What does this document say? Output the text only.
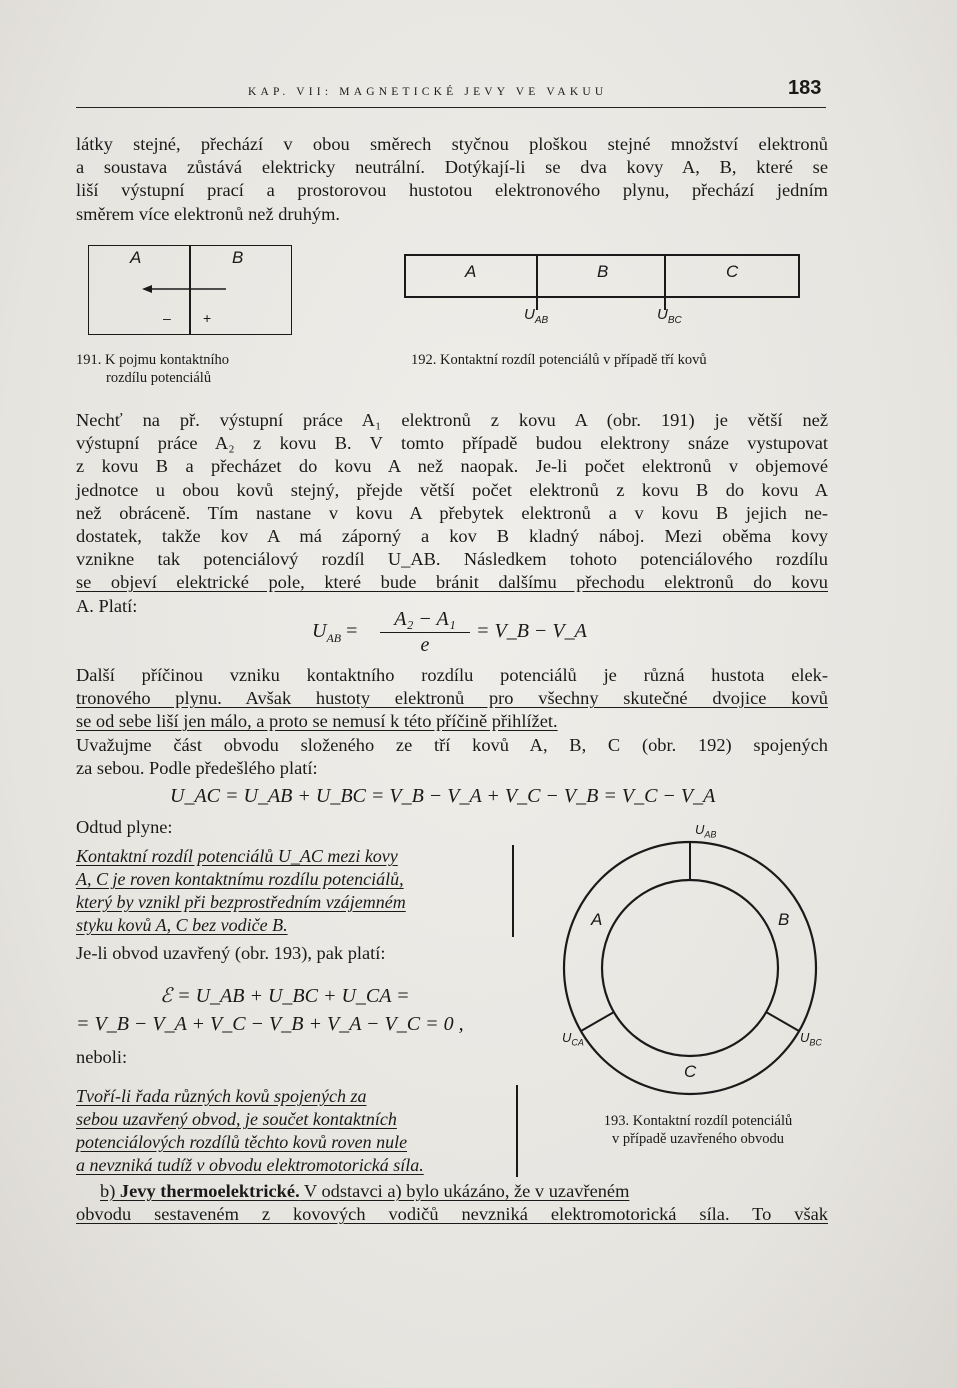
KAP. VII: MAGNETICKÉ JEVY VE VAKUU	183
látky stejné, přechází v obou směrech styčnou ploškou stejné množství elektronů
a soustava zůstává elektricky neutrální. Dotýkají-li se dva kovy A, B, které se
liší výstupní prací a prostorovou hustotou elektronového plynu, přechází jedním
směrem více elektronů než druhým.
A	B
– +
191. K pojmu kontaktního
rozdílu potenciálů
A	B	C
$U_{AB}$	$U_{BC}$
192. Kontaktní rozdíl potenciálů v případě tří kovů
Nechť na př. výstupní práce A₁ elektronů z kovu A (obr. 191) je větší než
výstupní práce A₂ z kovu B. V tomto případě budou elektrony snáze vystupovat
z kovu B a přecházet do kovu A než naopak. Je-li počet elektronů v objemové
jednotce u obou kovů stejný, přejde větší počet elektronů z kovu B do kovu A
než obráceně. Tím nastane v kovu A přebytek elektronů a v kovu B jejich ne-
dostatek, takže kov A má záporný a kov B kladný náboj. Mezi oběma kovy
vznikne tak potenciálový rozdíl U_AB. Následkem tohoto potenciálového rozdílu
se objeví elektrické pole, které bude bránit dalšímu přechodu elektronů do kovu
A. Platí:
$U_{AB}$ =
A₂ − A₁
e
= V_B − V_A
Další příčinou vzniku kontaktního rozdílu potenciálů je různá hustota elek-
tronového plynu. Avšak hustoty elektronů pro všechny skutečné dvojice kovů
se od sebe liší jen málo, a proto se nemusí k této příčině přihlížet.
Uvažujme část obvodu složeného ze tří kovů A, B, C (obr. 192) spojených
za sebou. Podle předešlého platí:
U_AC = U_AB + U_BC = V_B − V_A + V_C − V_B = V_C − V_A
Odtud plyne:
Kontaktní rozdíl potenciálů U_AC mezi kovy
A, C je roven kontaktnímu rozdílu potenciálů,
který by vznikl při bezprostředním vzájemném
styku kovů A, C bez vodiče B.
Je-li obvod uzavřený (obr. 193), pak platí:
ℰ = U_AB + U_BC + U_CA =
= V_B − V_A + V_C − V_B + V_A − V_C = 0 ,
neboli:
Tvoří-li řada různých kovů spojených za
sebou uzavřený obvod, je součet kontaktních
potenciálových rozdílů těchto kovů roven nule
a nevzniká tudíž v obvodu elektromotorická síla.
A	B
C
$U_{AB}$
$U_{BC}$
$U_{CA}$
193. Kontaktní rozdíl potenciálů
v případě uzavřeného obvodu
b) Jevy thermoelektrické. V odstavci a) bylo ukázáno, že v uzavřeném
obvodu sestaveném z kovových vodičů nevzniká elektromotorická síla. To však
